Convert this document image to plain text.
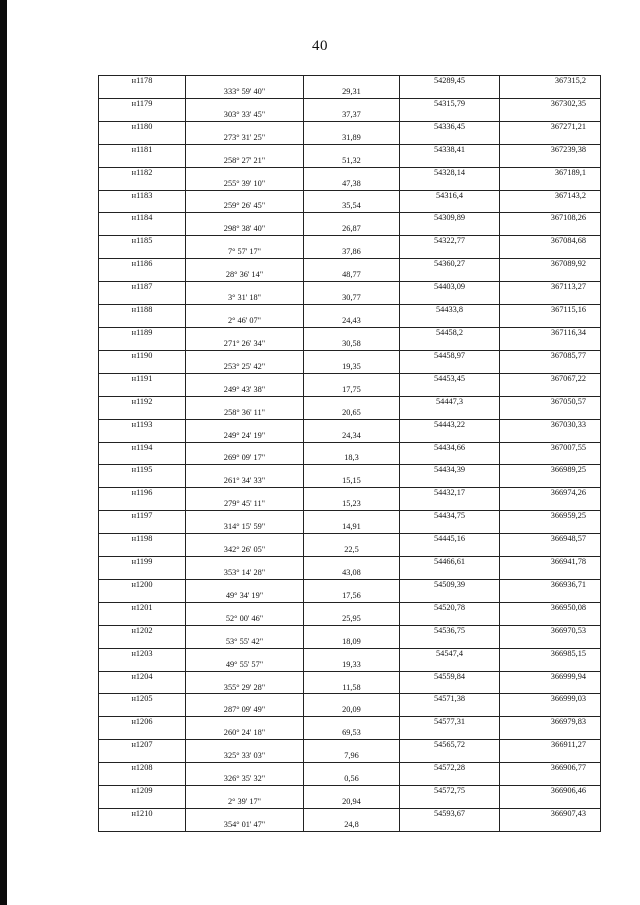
40
н1178			54289,45	367315,2
	333° 59' 40"	29,31		
н1179			54315,79	367302,35
	303° 33' 45"	37,37		
н1180			54336,45	367271,21
	273° 31' 25"	31,89		
н1181			54338,41	367239,38
	258° 27' 21"	51,32		
н1182			54328,14	367189,1
	255° 39' 10"	47,38		
н1183			54316,4	367143,2
	259° 26' 45"	35,54		
н1184			54309,89	367108,26
	298° 38' 40"	26,87		
н1185			54322,77	367084,68
	7° 57' 17"	37,86		
н1186			54360,27	367089,92
	28° 36' 14"	48,77		
н1187			54403,09	367113,27
	3° 31' 18"	30,77		
н1188			54433,8	367115,16
	2° 46' 07"	24,43		
н1189			54458,2	367116,34
	271° 26' 34"	30,58		
н1190			54458,97	367085,77
	253° 25' 42"	19,35		
н1191			54453,45	367067,22
	249° 43' 38"	17,75		
н1192			54447,3	367050,57
	258° 36' 11"	20,65		
н1193			54443,22	367030,33
	249° 24' 19"	24,34		
н1194			54434,66	367007,55
	269° 09' 17"	18,3		
н1195			54434,39	366989,25
	261° 34' 33"	15,15		
н1196			54432,17	366974,26
	279° 45' 11"	15,23		
н1197			54434,75	366959,25
	314° 15' 59"	14,91		
н1198			54445,16	366948,57
	342° 26' 05"	22,5		
н1199			54466,61	366941,78
	353° 14' 28"	43,08		
н1200			54509,39	366936,71
	49° 34' 19"	17,56		
н1201			54520,78	366950,08
	52° 00' 46"	25,95		
н1202			54536,75	366970,53
	53° 55' 42"	18,09		
н1203			54547,4	366985,15
	49° 55' 57"	19,33		
н1204			54559,84	366999,94
	355° 29' 28"	11,58		
н1205			54571,38	366999,03
	287° 09' 49"	20,09		
н1206			54577,31	366979,83
	260° 24' 18"	69,53		
н1207			54565,72	366911,27
	325° 33' 03"	7,96		
н1208			54572,28	366906,77
	326° 35' 32"	0,56		
н1209			54572,75	366906,46
	2° 39' 17"	20,94		
н1210			54593,67	366907,43
	354° 01' 47"	24,8		
